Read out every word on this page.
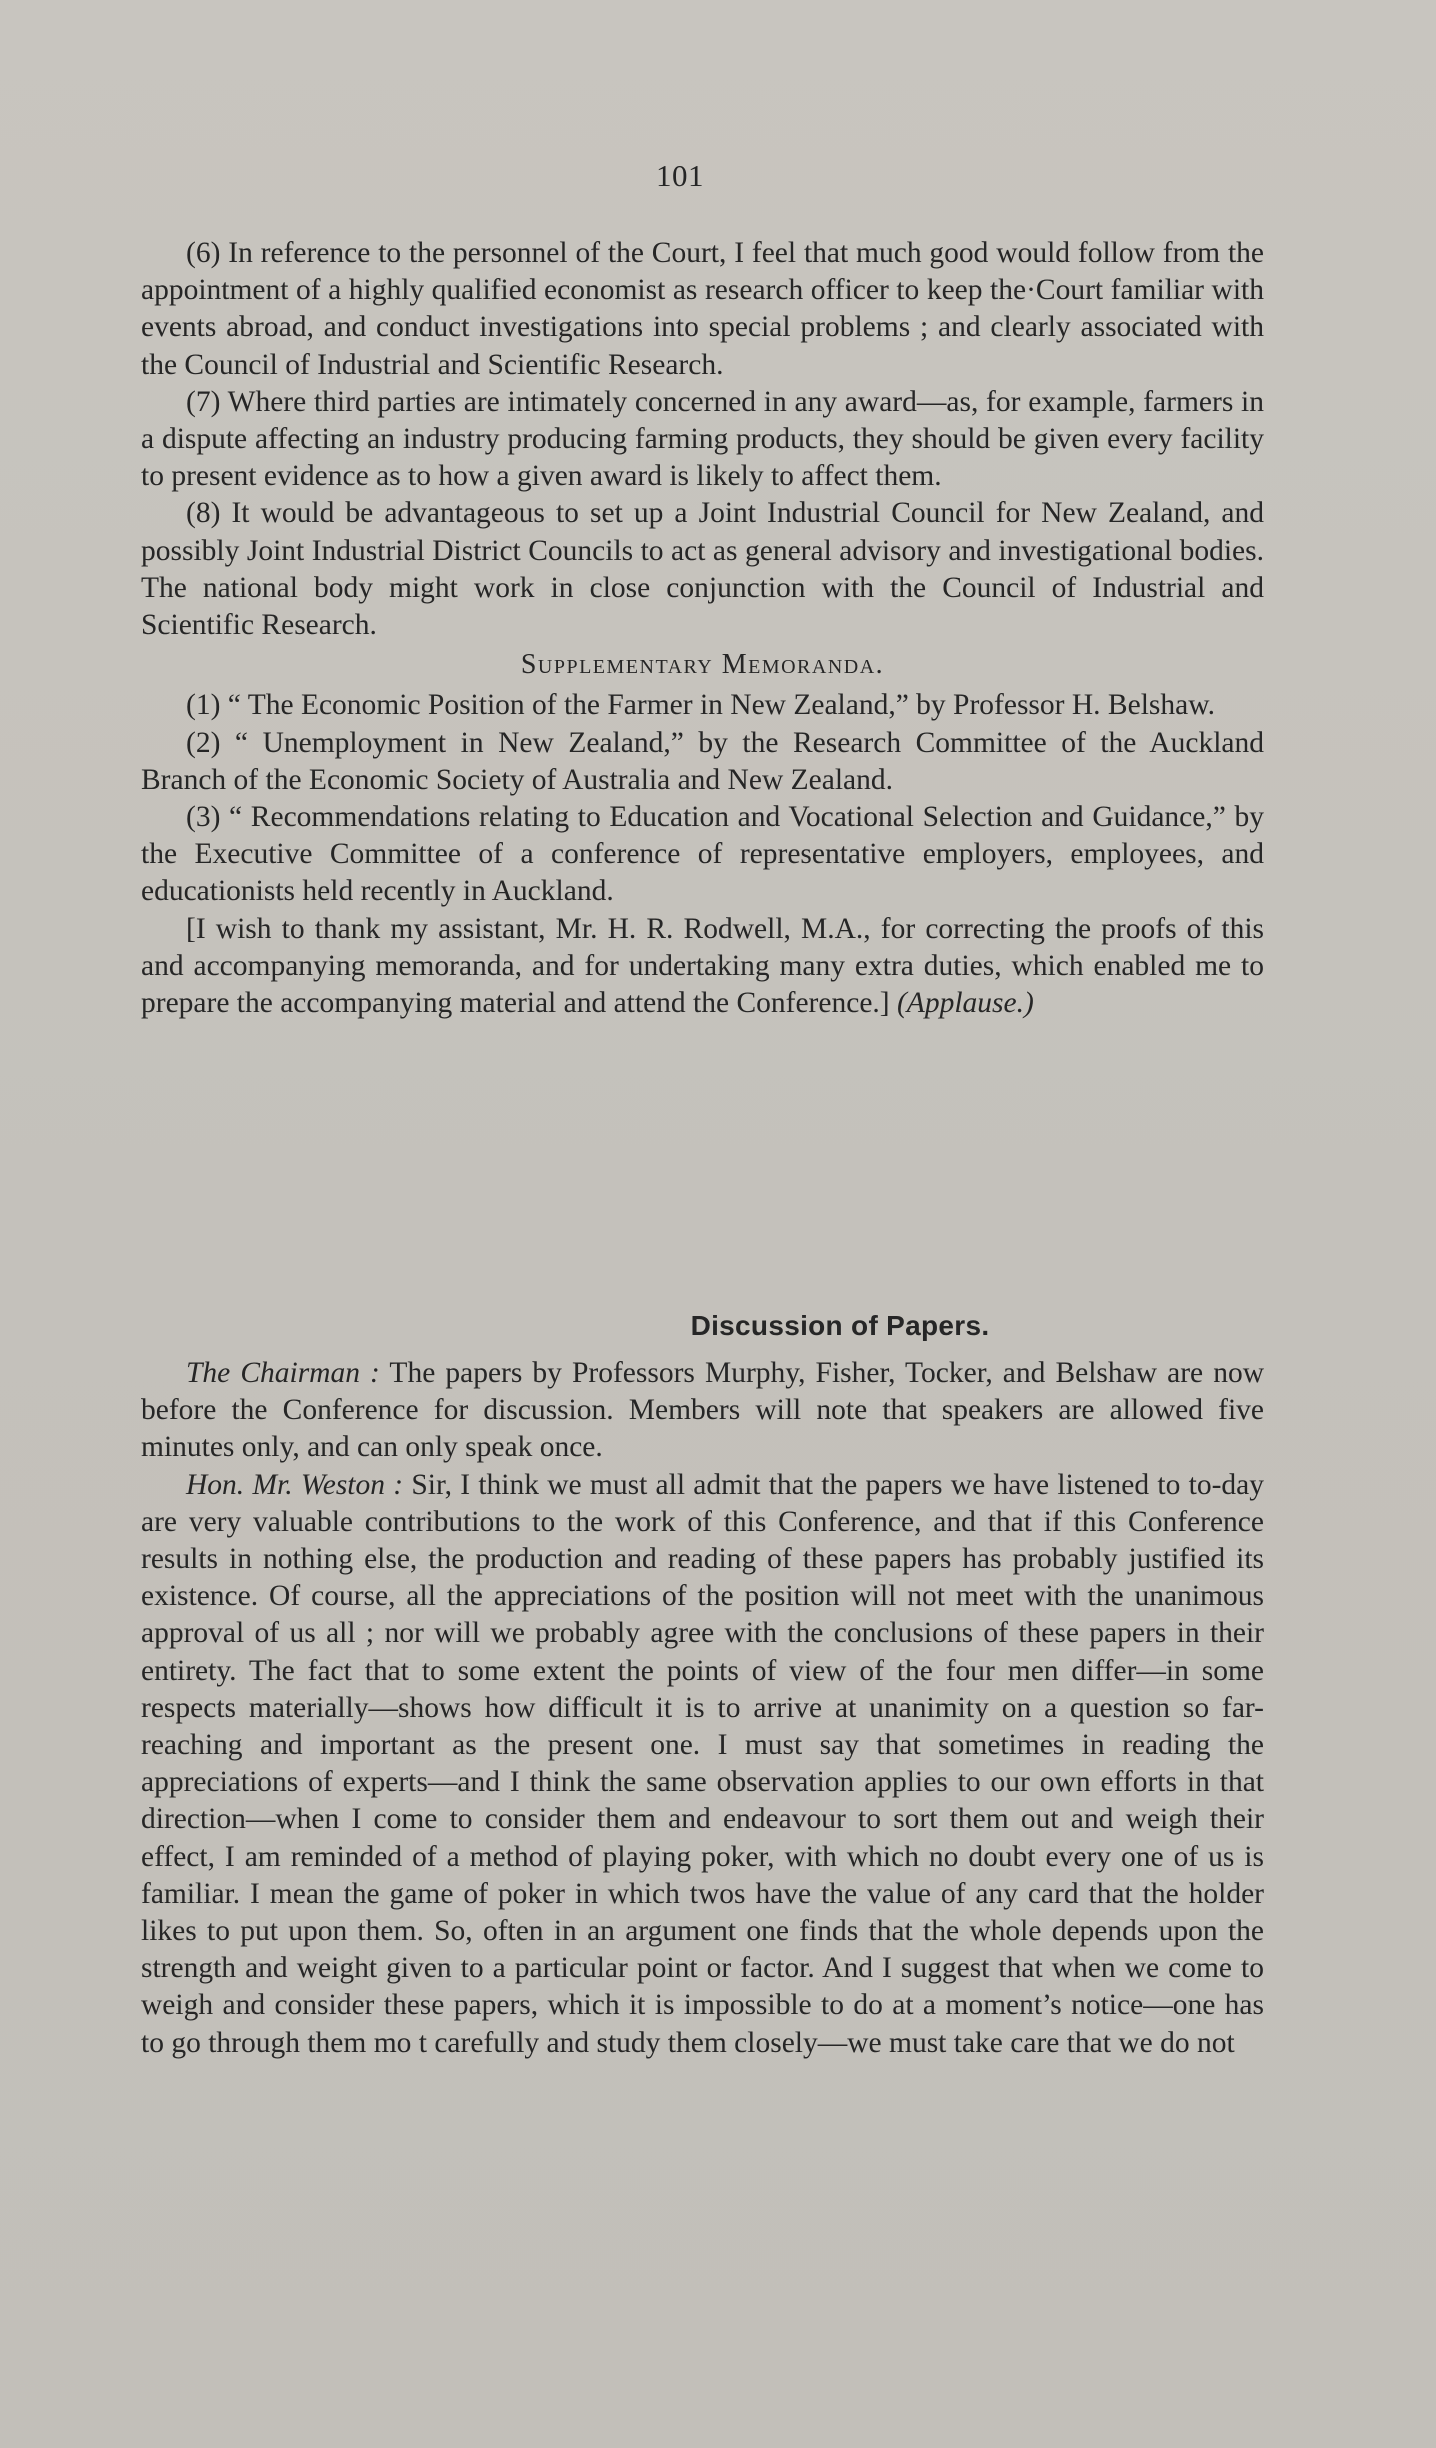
101

(6) In reference to the personnel of the Court, I feel that much good would follow from the appointment of a highly qualified economist as research officer to keep the·Court familiar with events abroad, and conduct investigations into special problems ; and clearly associated with the Council of Industrial and Scientific Research.

(7) Where third parties are intimately concerned in any award—as, for example, farmers in a dispute affecting an industry producing farming products, they should be given every facility to present evidence as to how a given award is likely to affect them.

(8) It would be advantageous to set up a Joint Industrial Council for New Zealand, and possibly Joint Industrial District Councils to act as general advisory and investigational bodies. The national body might work in close conjunction with the Council of Industrial and Scientific Research.

Supplementary Memoranda.

(1) “ The Economic Position of the Farmer in New Zealand,” by Professor H. Belshaw.

(2) “ Unemployment in New Zealand,” by the Research Committee of the Auckland Branch of the Economic Society of Australia and New Zealand.

(3) “ Recommendations relating to Education and Vocational Selection and Guidance,” by the Executive Committee of a conference of representative employers, employees, and educationists held recently in Auckland.

[I wish to thank my assistant, Mr. H. R. Rodwell, M.A., for correcting the proofs of this and accompanying memoranda, and for undertaking many extra duties, which enabled me to prepare the accompanying material and attend the Conference.] (Applause.)

Discussion of Papers.

The Chairman : The papers by Professors Murphy, Fisher, Tocker, and Belshaw are now before the Conference for discussion. Members will note that speakers are allowed five minutes only, and can only speak once.

Hon. Mr. Weston : Sir, I think we must all admit that the papers we have listened to to-day are very valuable contributions to the work of this Conference, and that if this Conference results in nothing else, the production and reading of these papers has probably justified its existence. Of course, all the appreciations of the position will not meet with the unanimous approval of us all ; nor will we probably agree with the conclusions of these papers in their entirety. The fact that to some extent the points of view of the four men differ—in some respects materially—shows how difficult it is to arrive at unanimity on a question so far-reaching and important as the present one. I must say that sometimes in reading the appreciations of experts—and I think the same observation applies to our own efforts in that direction—when I come to consider them and endeavour to sort them out and weigh their effect, I am reminded of a method of playing poker, with which no doubt every one of us is familiar. I mean the game of poker in which twos have the value of any card that the holder likes to put upon them. So, often in an argument one finds that the whole depends upon the strength and weight given to a particular point or factor. And I suggest that when we come to weigh and consider these papers, which it is impossible to do at a moment’s notice—one has to go through them mo t carefully and study them closely—we must take care that we do not
